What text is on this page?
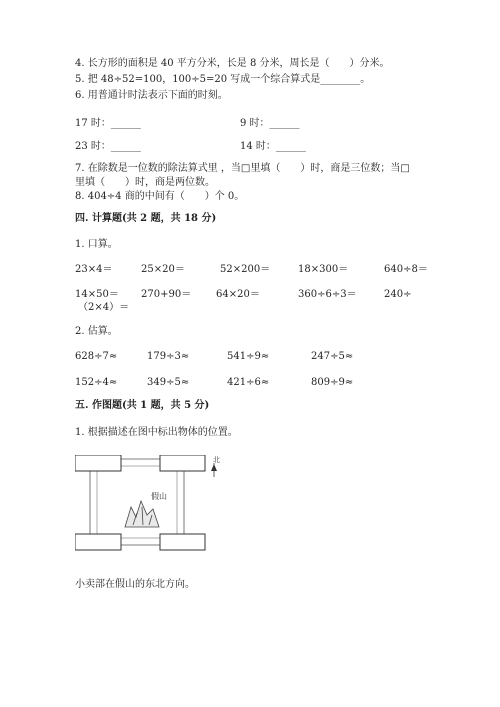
4. 长方形的面积是 40 平方分米，长是 8 分米，周长是（　　）分米。
5. 把 48÷52=100，100÷5=20 写成一个综合算式是________。
6. 用普通计时法表示下面的时刻。
17 时：______	9 时：______
23 时：______	14 时：______
7. 在除数是一位数的除法算式里 ，当□里填（　　）时，商是三位数；当□
里填（　　）时，商是两位数。
8. 404÷4 商的中间有（　　）个 0。
四. 计算题(共 2 题，共 18 分)
1. 口算。
23×4＝	25×20＝	52×200＝	18×300＝	640÷8＝
14×50＝ 270+90＝ 64×20＝	360÷6÷3＝	240÷
（2×4）＝
2. 估算。
628÷7≈	179÷3≈	541÷9≈	247÷5≈
152÷4≈	349÷5≈	421÷6≈	809÷9≈
五. 作图题(共 1 题，共 5 分)
1. 根据描述在图中标出物体的位置。
假山
北
小卖部在假山的东北方向。
